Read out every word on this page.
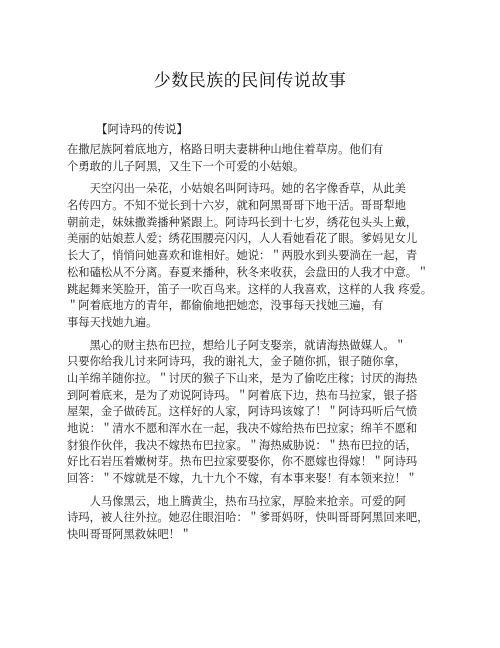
少数民族的民间传说故事
【阿诗玛的传说】
在撒尼族阿着底地方，格路日明夫妻耕种山地住着草房。他们有
个勇敢的儿子阿黑，又生下一个可爱的小姑娘。
　　天空闪出一朵花，小姑娘名叫阿诗玛。她的名字像香草，从此美
名传四方。不知不觉长到十六岁，就和阿黑哥哥下地干活。哥哥犁地
朝前走，妹妹撒粪播种紧跟上。阿诗玛长到十七岁，绣花包头头上戴，
美丽的姑娘惹人爱；绣花围腰亮闪闪，人人看她看花了眼。爹妈见女儿
长大了，悄悄问她喜欢和谁相好。她说：＂两股水到头要淌在一起，青
松和磕松从不分离。春夏来播种，秋冬来收获，会盘田的人我才中意。＂
跳起舞来笑脸开，笛子一吹百鸟来。这样的人我喜欢，这样的人我 疼爱。
＂阿着底地方的青年，都偷偷地把她恋，没事每天找她三遍，有
事每天找她九遍。
　　黑心的财主热布巴拉，想给儿子阿支娶亲，就请海热做媒人。＂
只要你给我儿讨来阿诗玛，我的谢礼大，金子随你抓，银子随你拿，
山羊绵羊随你拉。＂讨厌的猴子下山来，是为了偷吃庄稼；讨厌的海热
到阿着底来，是为了劝说阿诗玛。＂阿着底下边，热布马拉家，银子搭
屋架，金子做砖瓦。这样好的人家，阿诗玛该嫁了！＂阿诗玛听后气愤
地说：＂清水不愿和浑水在一起，我决不嫁给热布巴拉家；绵羊不愿和
豺狼作伙伴，我决不嫁热布巴拉家。＂海热威胁说：＂热布巴拉的话，
好比石岩压着嫩树芽。热布巴拉家要娶你，你不愿嫁也得嫁！＂阿诗玛
回答：＂不嫁就是不嫁，九十九个不嫁，有本事来娶！有本领来拉！＂
　　人马像黑云，地上腾黄尘，热布马拉家，厚脸来抢亲。可爱的阿
诗玛，被人往外拉。她忍住眼泪哈：＂爹哥妈呀，快叫哥哥阿黑回来吧，
快叫哥哥阿黑救妹吧！＂
